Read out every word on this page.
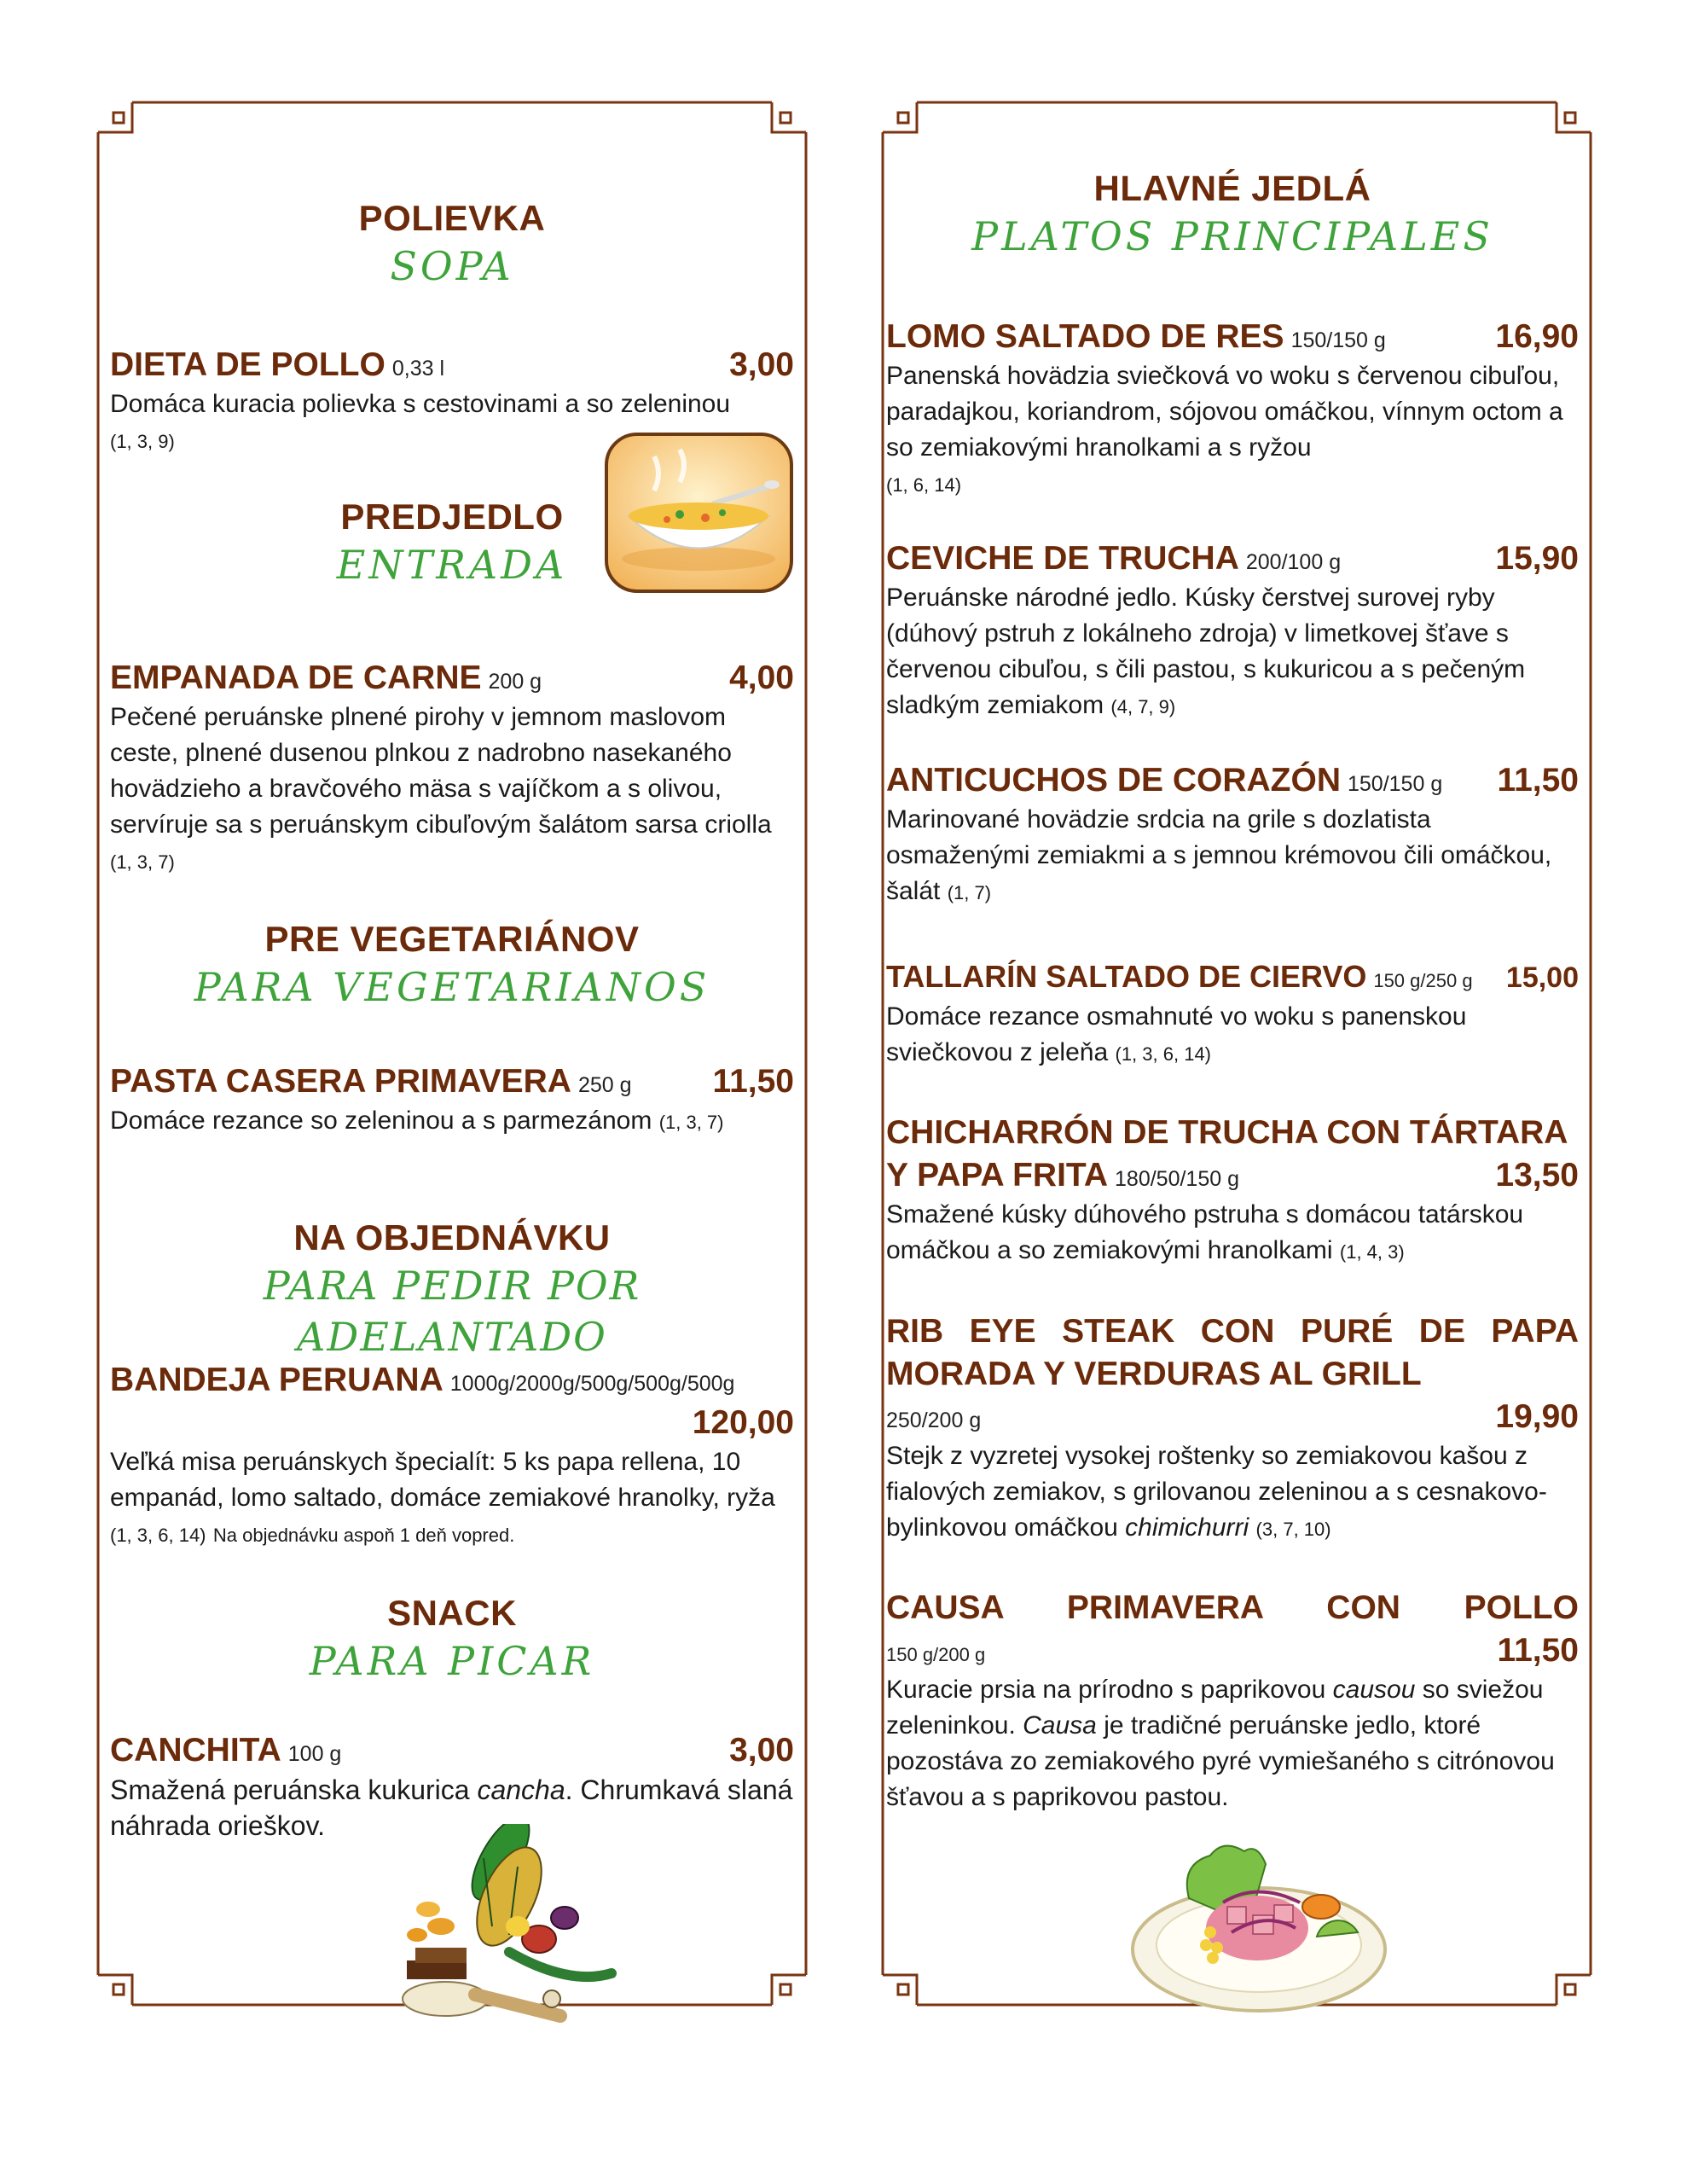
POLIEVKA
SOPA
DIETA DE POLLO 0,33 l	3,00
Domáca kuracia polievka s cestovinami a so zeleninou
(1, 3, 9)
PREDJEDLO
ENTRADA
EMPANADA DE CARNE 200 g	4,00
Pečené peruánske plnené pirohy v jemnom maslovom ceste, plnené dusenou plnkou z nadrobno nasekaného hovädzieho a bravčového mäsa s vajíčkom a s olivou, servíruje sa s peruánskym cibuľovým šalátom sarsa criolla (1, 3, 7)
PRE VEGETARIÁNOV
PARA VEGETARIANOS
PASTA CASERA PRIMAVERA 250 g 11,50
Domáce rezance so zeleninou a s parmezánom (1, 3, 7)
NA OBJEDNÁVKU
PARA PEDIR POR ADELANTADO
BANDEJA PERUANA 1000g/2000g/500g/500g/500g
120,00
Veľká misa peruánskych špecialít: 5 ks papa rellena, 10 empanád, lomo saltado, domáce zemiakové hranolky, ryža (1, 3, 6, 14) Na objednávku aspoň 1 deň vopred.
SNACK
PARA PICAR
CANCHITA 100 g	3,00
Smažená peruánska kukurica cancha. Chrumkavá slaná náhrada orieškov.
HLAVNÉ JEDLÁ
PLATOS PRINCIPALES
LOMO SALTADO DE RES 150/150 g	16,90
Panenská hovädzia sviečková vo woku s červenou cibuľou, paradajkou, koriandrom, sójovou omáčkou, vínnym octom a so zemiakovými hranolkami a s ryžou
(1, 6, 14)
CEVICHE DE TRUCHA 200/100 g	15,90
Peruánske národné jedlo. Kúsky čerstvej surovej ryby (dúhový pstruh z lokálneho zdroja) v limetkovej šťave s červenou cibuľou, s čili pastou, s kukuricou a s pečeným sladkým zemiakom (4, 7, 9)
ANTICUCHOS DE CORAZÓN 150/150 g 11,50
Marinované hovädzie srdcia na grile s dozlatista osmaženými zemiakmi a s jemnou krémovou čili omáčkou, šalát (1, 7)
TALLARÍN SALTADO DE CIERVO 150 g/250 g 15,00
Domáce rezance osmahnuté vo woku s panenskou sviečkovou z jeleňa (1, 3, 6, 14)
CHICHARRÓN DE TRUCHA CON TÁRTARA
Y PAPA FRITA 180/50/150 g	13,50
Smažené kúsky dúhového pstruha s domácou tatárskou omáčkou a so zemiakovými hranolkami (1, 4, 3)
RIB EYE STEAK CON PURÉ DE PAPA
MORADA Y VERDURAS AL GRILL
250/200 g	19,90
Stejk z vyzretej vysokej roštenky so zemiakovou kašou z fialových zemiakov, s grilovanou zeleninou a s cesnakovo-bylinkovou omáčkou chimichurri (3, 7, 10)
CAUSA PRIMAVERA CON POLLO
150 g/200 g	11,50
Kuracie prsia na prírodno s paprikovou causou so sviežou zeleninkou. Causa je tradičné peruánske jedlo, ktoré pozostáva zo zemiakového pyré vymiešaného s citrónovou šťavou a s paprikovou pastou.
